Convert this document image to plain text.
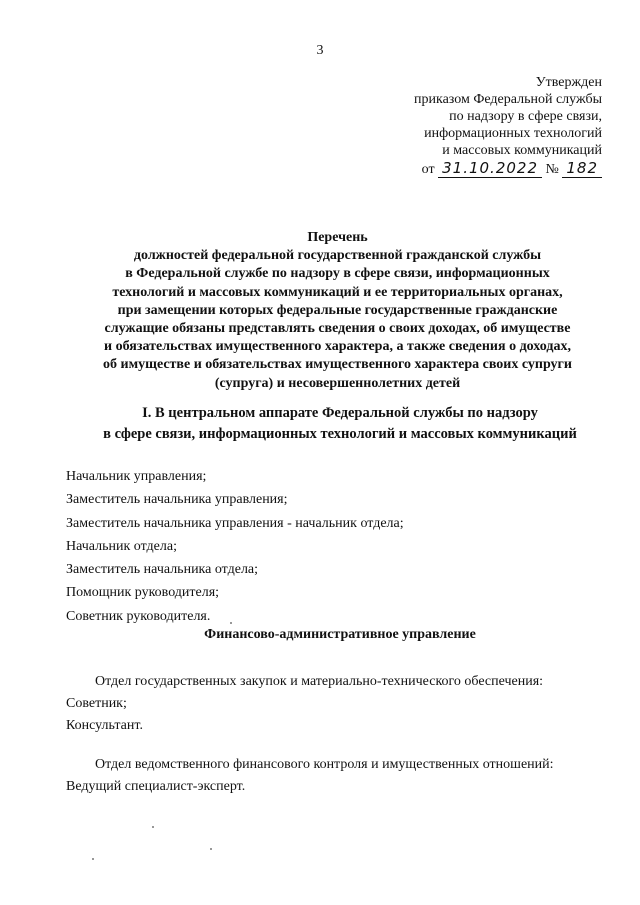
3
Утвержден
приказом Федеральной службы
по надзору в сфере связи,
информационных технологий
и массовых коммуникаций
от 31.10.2022 № 182
Перечень
должностей федеральной государственной гражданской службы
в Федеральной службе по надзору в сфере связи, информационных
технологий и массовых коммуникаций и ее территориальных органах,
при замещении которых федеральные государственные гражданские
служащие обязаны представлять сведения о своих доходах, об имуществе
и обязательствах имущественного характера, а также сведения о доходах,
об имуществе и обязательствах имущественного характера своих супруги
(супруга) и несовершеннолетних детей
I. В центральном аппарате Федеральной службы по надзору
в сфере связи, информационных технологий и массовых коммуникаций
Начальник управления;
Заместитель начальника управления;
Заместитель начальника управления - начальник отдела;
Начальник отдела;
Заместитель начальника отдела;
Помощник руководителя;
Советник руководителя.
Финансово-административное управление
Отдел государственных закупок и материально-технического обеспечения:
Советник;
Консультант.
Отдел ведомственного финансового контроля и имущественных отношений:
Ведущий специалист-эксперт.
